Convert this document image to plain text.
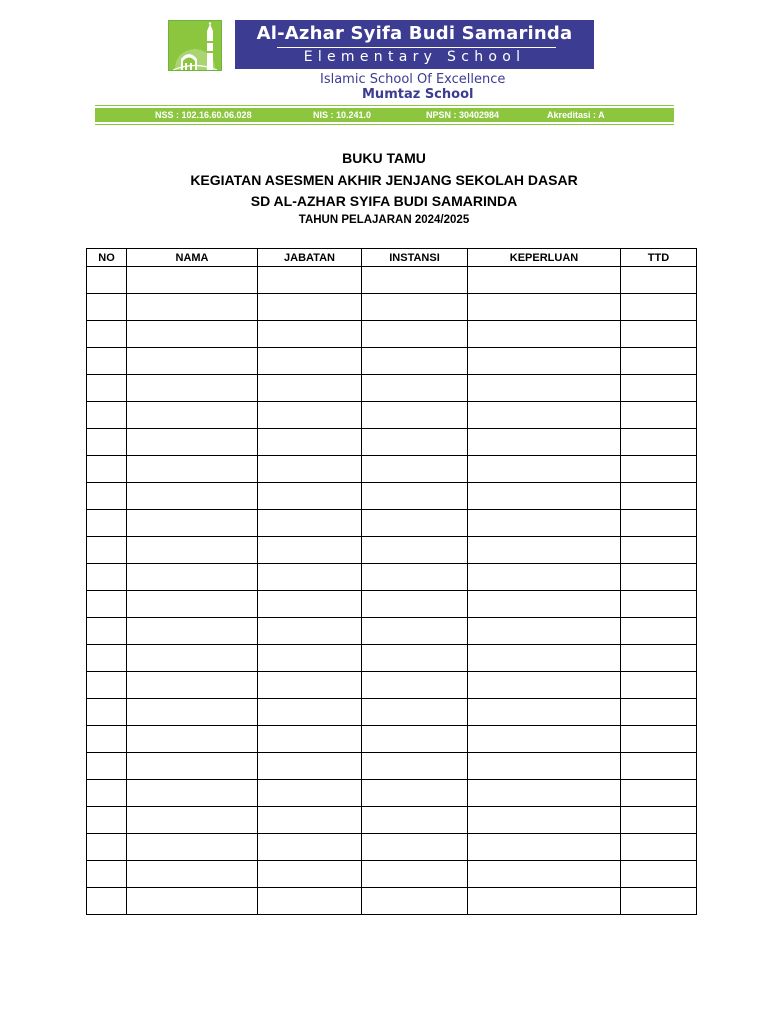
Al-Azhar Syifa Budi Samarinda
Elementary School
Islamic School Of Excellence
Mumtaz School
NSS : 102.16.60.06.028	NIS : 10.241.0	NPSN : 30402984	Akreditasi : A
BUKU TAMU
KEGIATAN ASESMEN AKHIR JENJANG SEKOLAH DASAR
SD AL-AZHAR SYIFA BUDI SAMARINDA
TAHUN PELAJARAN 2024/2025
NO	NAMA	JABATAN	INSTANSI	KEPERLUAN	TTD
